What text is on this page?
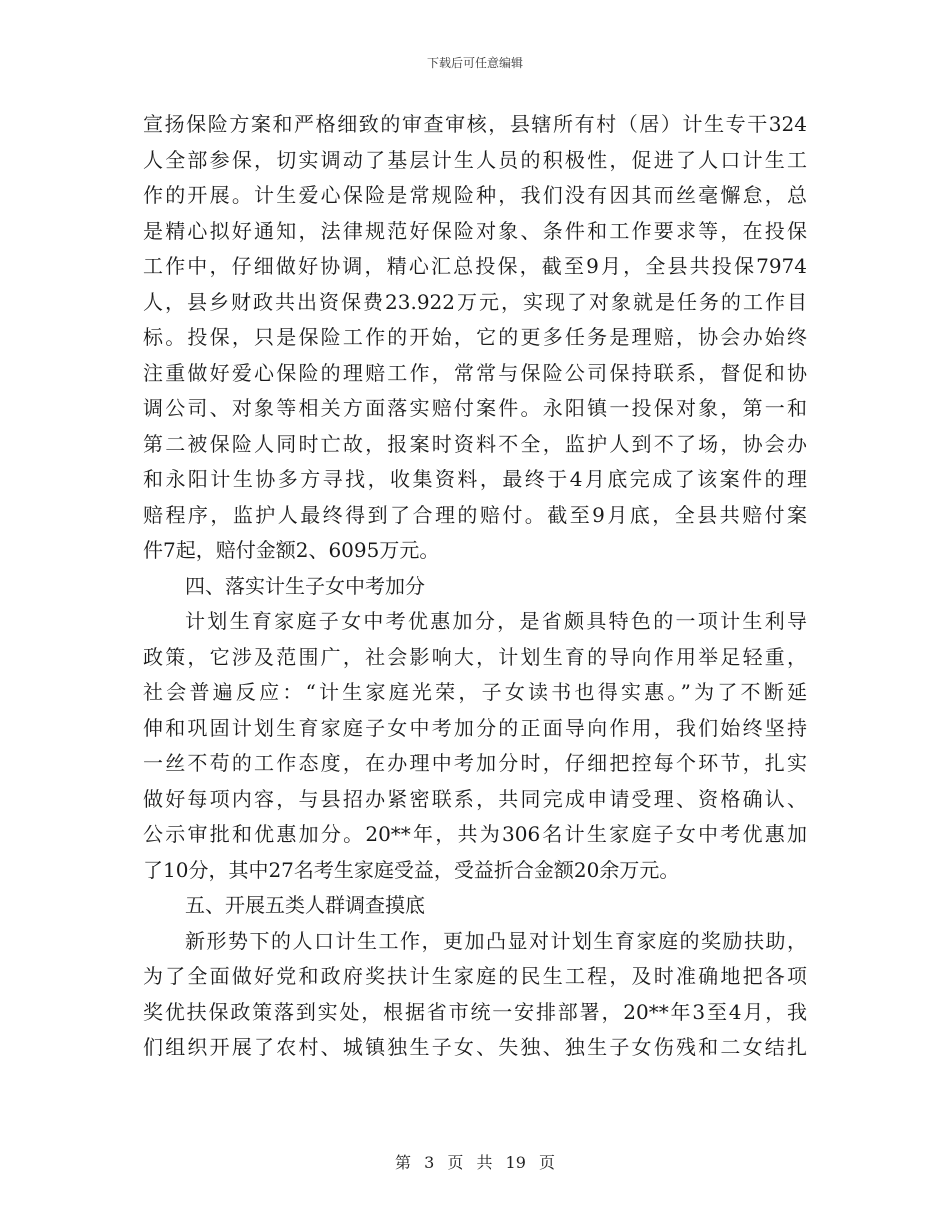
下载后可任意编辑
宣扬保险方案和严格细致的审查审核，县辖所有村（居）计生专干324
人全部参保，切实调动了基层计生人员的积极性，促进了人口计生工
作的开展。计生爱心保险是常规险种，我们没有因其而丝毫懈怠，总
是精心拟好通知，法律规范好保险对象、条件和工作要求等，在投保
工作中，仔细做好协调，精心汇总投保，截至9月，全县共投保7974
人，县乡财政共出资保费23.922万元，实现了对象就是任务的工作目
标。投保，只是保险工作的开始，它的更多任务是理赔，协会办始终
注重做好爱心保险的理赔工作，常常与保险公司保持联系，督促和协
调公司、对象等相关方面落实赔付案件。永阳镇一投保对象，第一和
第二被保险人同时亡故，报案时资料不全，监护人到不了场，协会办
和永阳计生协多方寻找，收集资料，最终于4月底完成了该案件的理
赔程序，监护人最终得到了合理的赔付。截至9月底，全县共赔付案
件7起，赔付金额2、6095万元。
四、落实计生子女中考加分
计划生育家庭子女中考优惠加分，是省颇具特色的一项计生利导
政策，它涉及范围广，社会影响大，计划生育的导向作用举足轻重，
社会普遍反应：“计生家庭光荣，子女读书也得实惠。”为了不断延
伸和巩固计划生育家庭子女中考加分的正面导向作用，我们始终坚持
一丝不苟的工作态度，在办理中考加分时，仔细把控每个环节，扎实
做好每项内容，与县招办紧密联系，共同完成申请受理、资格确认、
公示审批和优惠加分。20**年，共为306名计生家庭子女中考优惠加
了10分，其中27名考生家庭受益，受益折合金额20余万元。
五、开展五类人群调查摸底
新形势下的人口计生工作，更加凸显对计划生育家庭的奖励扶助，
为了全面做好党和政府奖扶计生家庭的民生工程，及时准确地把各项
奖优扶保政策落到实处，根据省市统一安排部署，20**年3至4月，我
们组织开展了农村、城镇独生子女、失独、独生子女伤残和二女结扎
第 3 页 共 19 页
